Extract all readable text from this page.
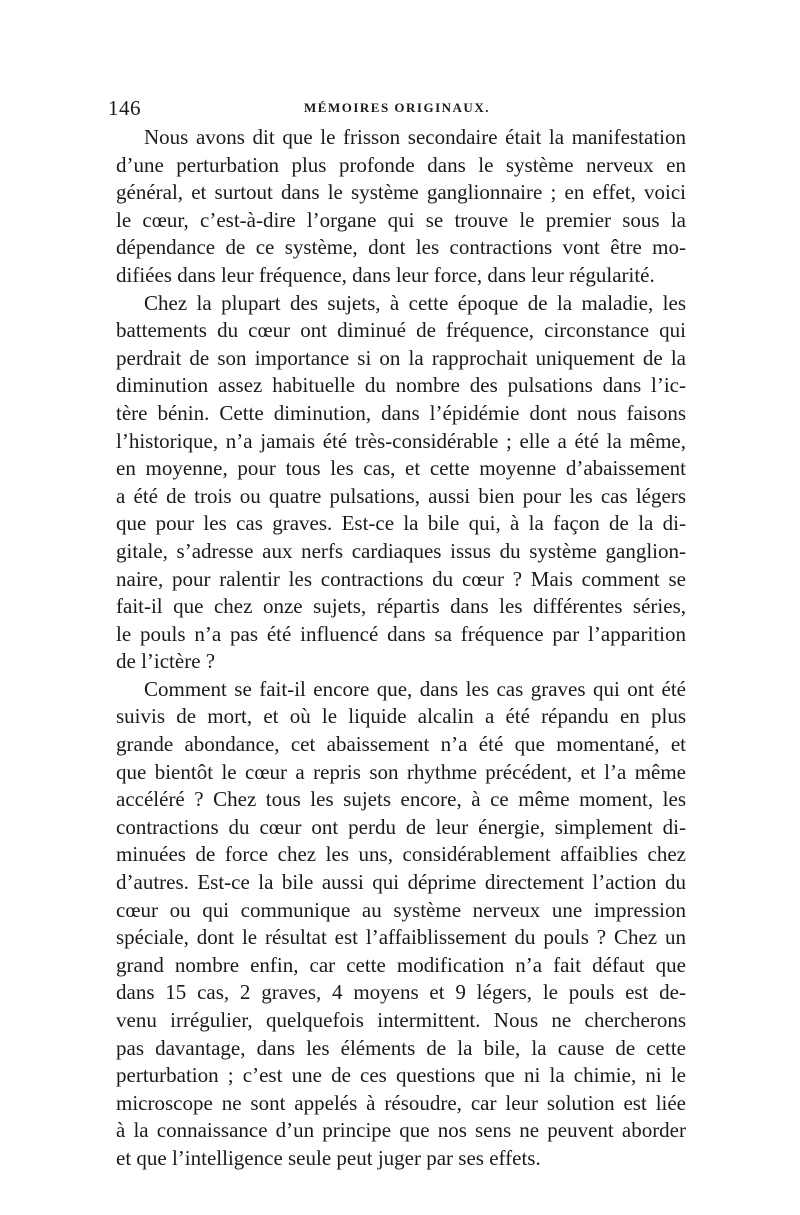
146	MÉMOIRES ORIGINAUX.
Nous avons dit que le frisson secondaire était la manifestation
d’une perturbation plus profonde dans le système nerveux en
général, et surtout dans le système ganglionnaire ; en effet, voici
le cœur, c’est-à-dire l’organe qui se trouve le premier sous la
dépendance de ce système, dont les contractions vont être mo-
difiées dans leur fréquence, dans leur force, dans leur régularité.
Chez la plupart des sujets, à cette époque de la maladie, les
battements du cœur ont diminué de fréquence, circonstance qui
perdrait de son importance si on la rapprochait uniquement de la
diminution assez habituelle du nombre des pulsations dans l’ic-
tère bénin. Cette diminution, dans l’épidémie dont nous faisons
l’historique, n’a jamais été très-considérable ; elle a été la même,
en moyenne, pour tous les cas, et cette moyenne d’abaissement
a été de trois ou quatre pulsations, aussi bien pour les cas légers
que pour les cas graves. Est-ce la bile qui, à la façon de la di-
gitale, s’adresse aux nerfs cardiaques issus du système ganglion-
naire, pour ralentir les contractions du cœur ? Mais comment se
fait-il que chez onze sujets, répartis dans les différentes séries,
le pouls n’a pas été influencé dans sa fréquence par l’apparition
de l’ictère ?
Comment se fait-il encore que, dans les cas graves qui ont été
suivis de mort, et où le liquide alcalin a été répandu en plus
grande abondance, cet abaissement n’a été que momentané, et
que bientôt le cœur a repris son rhythme précédent, et l’a même
accéléré ? Chez tous les sujets encore, à ce même moment, les
contractions du cœur ont perdu de leur énergie, simplement di-
minuées de force chez les uns, considérablement affaiblies chez
d’autres. Est-ce la bile aussi qui déprime directement l’action du
cœur ou qui communique au système nerveux une impression
spéciale, dont le résultat est l’affaiblissement du pouls ? Chez un
grand nombre enfin, car cette modification n’a fait défaut que
dans 15 cas, 2 graves, 4 moyens et 9 légers, le pouls est de-
venu irrégulier, quelquefois intermittent. Nous ne chercherons
pas davantage, dans les éléments de la bile, la cause de cette
perturbation ; c’est une de ces questions que ni la chimie, ni le
microscope ne sont appelés à résoudre, car leur solution est liée
à la connaissance d’un principe que nos sens ne peuvent aborder
et que l’intelligence seule peut juger par ses effets.
